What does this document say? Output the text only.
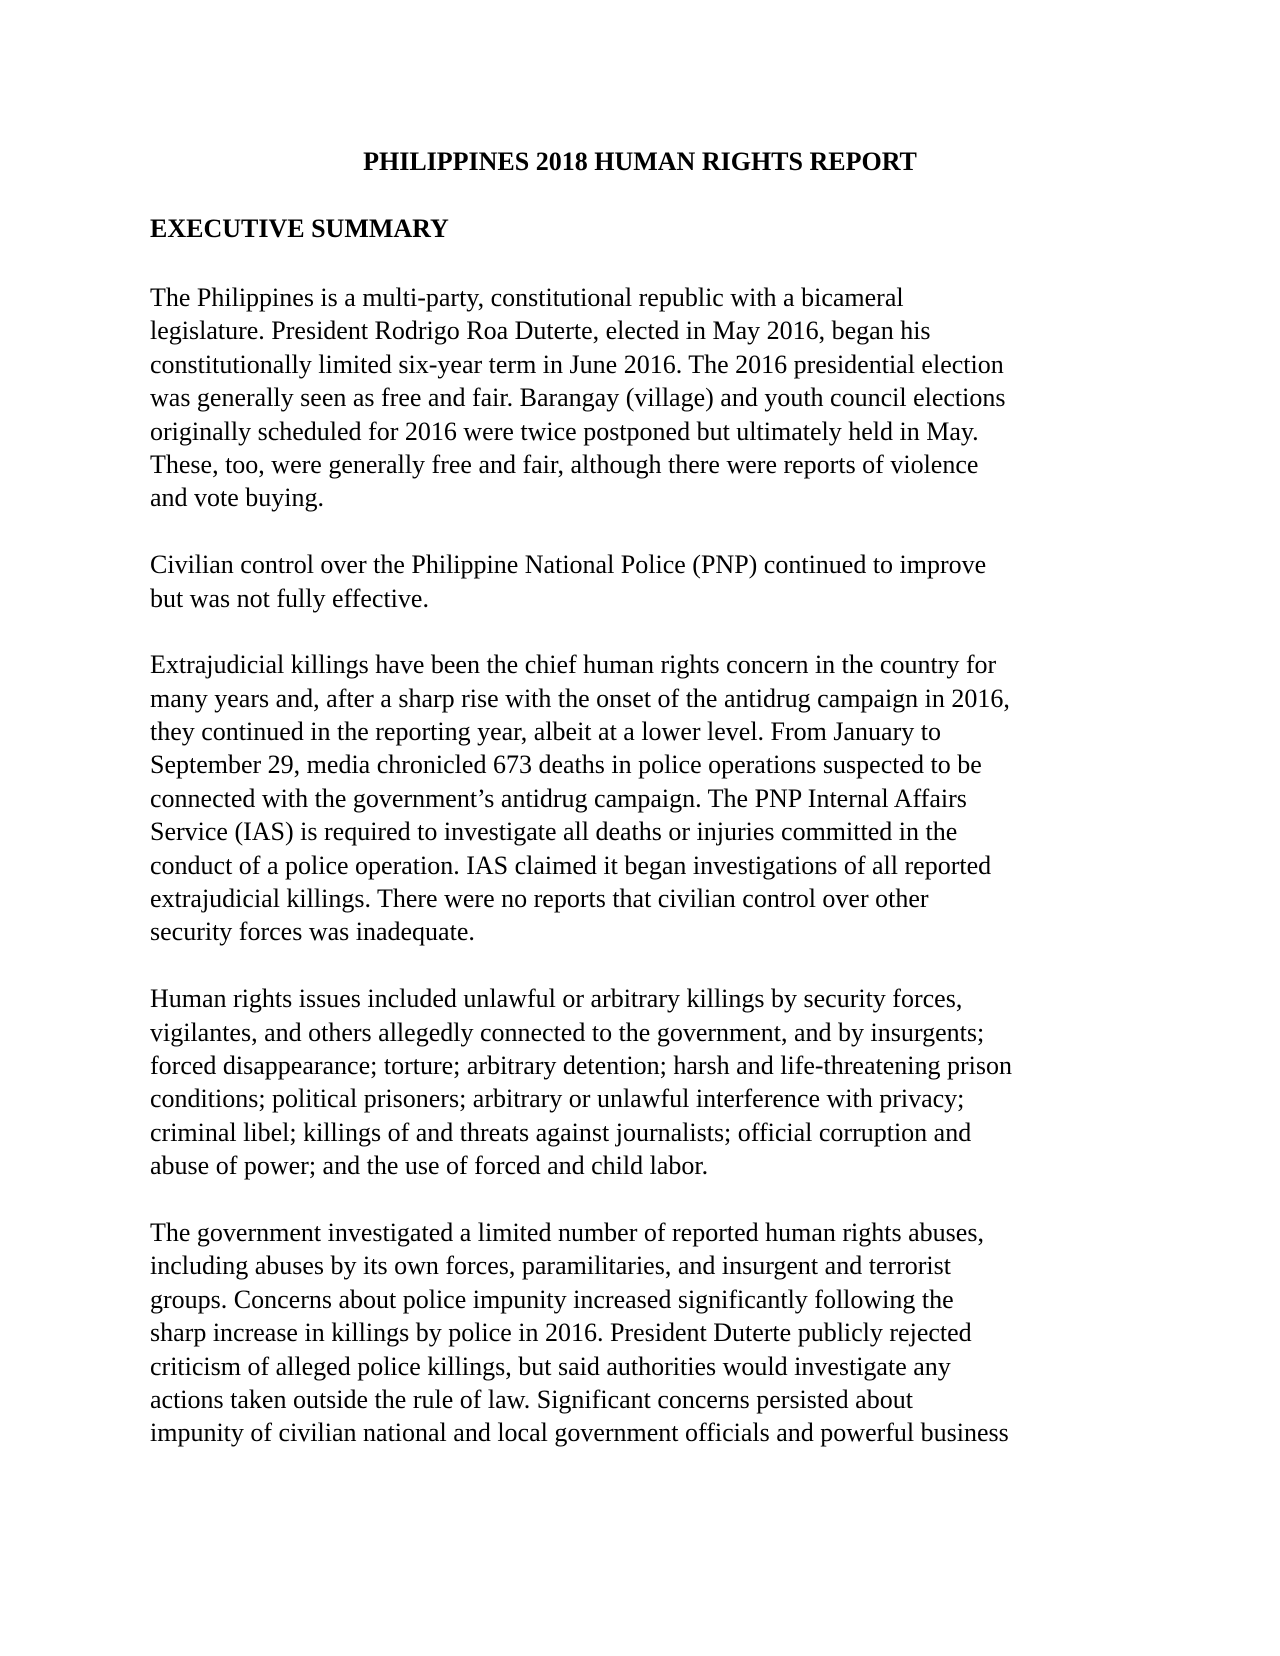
PHILIPPINES 2018 HUMAN RIGHTS REPORT
EXECUTIVE SUMMARY

The Philippines is a multi-party, constitutional republic with a bicameral
legislature. President Rodrigo Roa Duterte, elected in May 2016, began his
constitutionally limited six-year term in June 2016. The 2016 presidential election
was generally seen as free and fair. Barangay (village) and youth council elections
originally scheduled for 2016 were twice postponed but ultimately held in May.
These, too, were generally free and fair, although there were reports of violence
and vote buying.

Civilian control over the Philippine National Police (PNP) continued to improve
but was not fully effective.

Extrajudicial killings have been the chief human rights concern in the country for
many years and, after a sharp rise with the onset of the antidrug campaign in 2016,
they continued in the reporting year, albeit at a lower level. From January to
September 29, media chronicled 673 deaths in police operations suspected to be
connected with the government’s antidrug campaign. The PNP Internal Affairs
Service (IAS) is required to investigate all deaths or injuries committed in the
conduct of a police operation. IAS claimed it began investigations of all reported
extrajudicial killings. There were no reports that civilian control over other
security forces was inadequate.

Human rights issues included unlawful or arbitrary killings by security forces,
vigilantes, and others allegedly connected to the government, and by insurgents;
forced disappearance; torture; arbitrary detention; harsh and life-threatening prison
conditions; political prisoners; arbitrary or unlawful interference with privacy;
criminal libel; killings of and threats against journalists; official corruption and
abuse of power; and the use of forced and child labor.

The government investigated a limited number of reported human rights abuses,
including abuses by its own forces, paramilitaries, and insurgent and terrorist
groups. Concerns about police impunity increased significantly following the
sharp increase in killings by police in 2016. President Duterte publicly rejected
criticism of alleged police killings, but said authorities would investigate any
actions taken outside the rule of law. Significant concerns persisted about
impunity of civilian national and local government officials and powerful business
